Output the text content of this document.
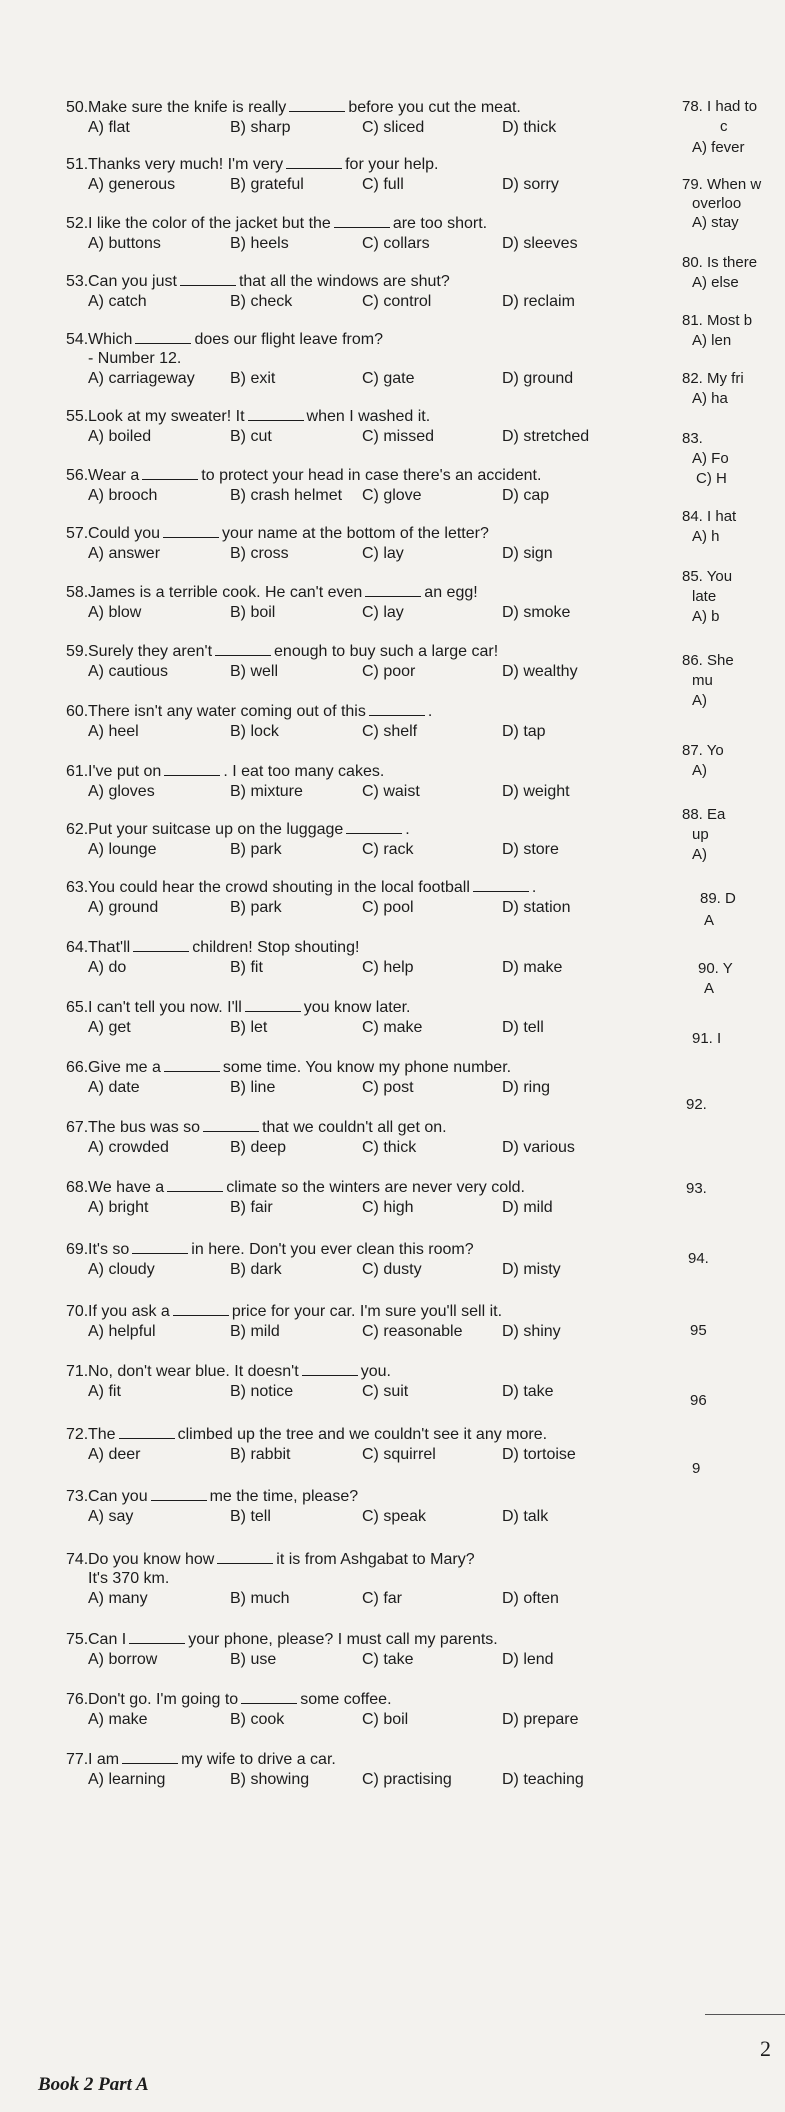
50.Make sure the knife is really	before you cut the meat.
A) flat	B) sharp	C) sliced	D) thick
51.Thanks very much! I'm very	for your help.
A) generous	B) grateful	C) full	D) sorry
52.I like the color of the jacket but the	are too short.
A) buttons	B) heels	C) collars	D) sleeves
53.Can you just	that all the windows are shut?
A) catch	B) check	C) control	D) reclaim
54.Which	does our flight leave from?
- Number 12.
A) carriageway B) exit	C) gate	D) ground
55.Look at my sweater! It	when I washed it.
A) boiled	B) cut	C) missed	D) stretched
56.Wear a	to protect your head in case there's an accident.
A) brooch	B) crash helmet C) glove	D) cap
57.Could you	your name at the bottom of the letter?
A) answer	B) cross	C) lay	D) sign
58.James is a terrible cook. He can't even	an egg!
A) blow	B) boil	C) lay	D) smoke
59.Surely they aren't	enough to buy such a large car!
A) cautious	B) well	C) poor	D) wealthy
60.There isn't any water coming out of this	.
A) heel	B) lock	C) shelf	D) tap
61.I've put on	. I eat too many cakes.
A) gloves	B) mixture	C) waist	D) weight
62.Put your suitcase up on the luggage	.
A) lounge	B) park	C) rack	D) store
63.You could hear the crowd shouting in the local football	.
A) ground	B) park	C) pool	D) station
64.That'll	children! Stop shouting!
A) do	B) fit	C) help	D) make
65.I can't tell you now. I'll	you know later.
A) get	B) let	C) make	D) tell
66.Give me a	some time. You know my phone number.
A) date	B) line	C) post	D) ring
67.The bus was so	that we couldn't all get on.
A) crowded	B) deep	C) thick	D) various
68.We have a	climate so the winters are never very cold.
A) bright	B) fair	C) high	D) mild
69.It's so	in here. Don't you ever clean this room?
A) cloudy	B) dark	C) dusty	D) misty
70.If you ask a	price for your car. I'm sure you'll sell it.
A) helpful	B) mild	C) reasonable D) shiny
71.No, don't wear blue. It doesn't	you.
A) fit	B) notice	C) suit	D) take
72.The	climbed up the tree and we couldn't see it any more.
A) deer	B) rabbit	C) squirrel	D) tortoise
73.Can you	me the time, please?
A) say	B) tell	C) speak	D) talk
74.Do you know how	it is from Ashgabat to Mary?
It's 370 km.
A) many	B) much	C) far	D) often
75.Can I	your phone, please? I must call my parents.
A) borrow	B) use	C) take	D) lend
76.Don't go. I'm going to	some coffee.
A) make	B) cook	C) boil	D) prepare
77.I am	my wife to drive a car.
A) learning	B) showing	C) practising	D) teaching
78. I had to
c
A) fever
79. When w
overloo
A) stay
80. Is there
A) else
81. Most b
A) len
82. My fri
A) ha
83.
A) Fo
C) H
84. I hat
A) h
85. You
late
A) b
86. She
mu
A)
87. Yo
A)
88. Ea
up
A)
89. D
A
90. Y
A
91. I
92.
93.
94.
95
96
9
2
Book 2 Part A
